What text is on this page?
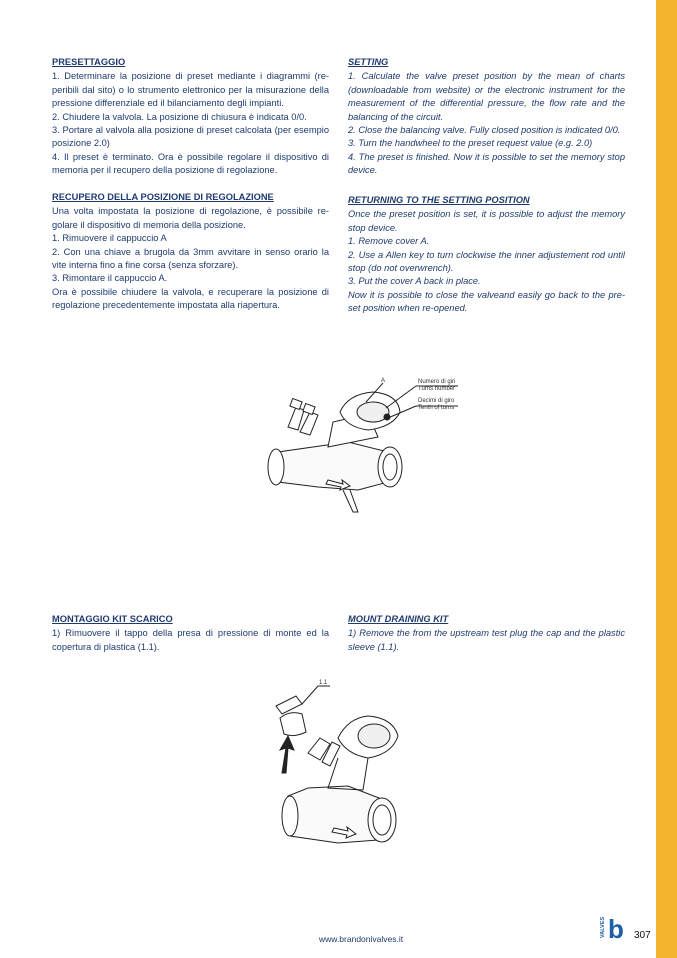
PRESETTAGGIO

1. Determinare la posizione di preset mediante i diagrammi (re-peribili dal sito) o lo strumento elettronico per la misurazione della pressione differenziale ed il bilanciamento degli impianti.

2. Chiudere la valvola. La posizione di chiusura è indicata 0/0.

3. Portare al valvola alla posizione di preset calcolata (per esempio posizione 2.0)

4. Il preset è terminato. Ora è possibile regolare il dispositivo di memoria per il recupero della posizione di regolazione.

RECUPERO DELLA POSIZIONE DI REGOLAZIONE

Una volta impostata la posizione di regolazione, è possibile re-golare il dispositivo di memoria della posizione.

1. Rimuovere il cappuccio A

2. Con una chiave a brugola da 3mm avvitare in senso orario la vite interna fino a fine corsa (senza sforzare).

3. Rimontare il cappuccio A.

Ora è possibile chiudere la valvola, e recuperare la posizione di regolazione precedentemente impostata alla riapertura.

SETTING

1. Calculate the valve preset position by the mean of charts (downloadable from website) or the electronic instrument for the measurement of the differential pressure, the flow rate and the balancing of the circuit.

2. Close the balancing valve. Fully closed position is indicated 0/0.

3. Turn the handwheel to the preset request value (e.g. 2.0)

4. The preset is finished. Now it is possible to set the memory stop device.

RETURNING TO THE SETTING POSITION

Once the preset position is set, it is possible to adjust the memory stop device.

1. Remove cover A.

2. Use a Allen key to turn clockwise the inner adjustement rod until stop (do not overwrench).

3. Put the cover A back in place.

Now it is possible to close the valveand easily go back to the pre-set position when re-opened.

A	Numero di giri
Turns number
Decimi di giro
Tenth of turns
MONTAGGIO KIT SCARICO

1) Rimuovere il tappo della presa di pressione di monte ed la copertura di plastica (1.1).

MOUNT DRAINING KIT

1) Remove the from the upstream test plug the cap and the plastic sleeve (1.1).

1.1
www.brandonivalves.it
VALVES b 307
